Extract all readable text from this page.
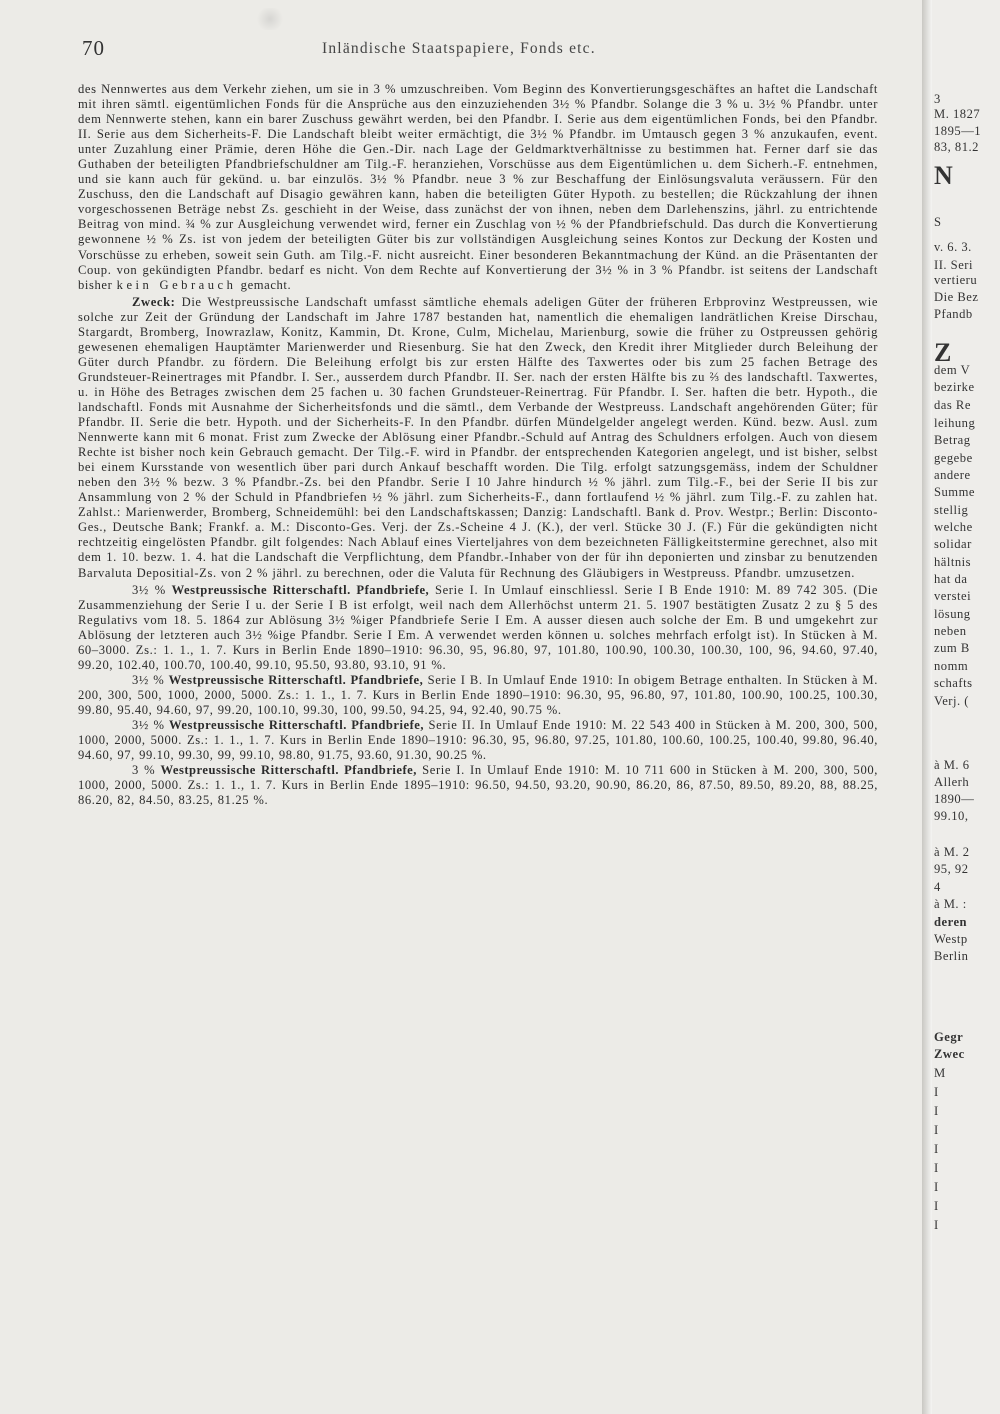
70	Inländische Staatspapiere, Fonds etc.

des Nennwertes aus dem Verkehr ziehen, um sie in 3 % umzuschreiben. Vom Beginn des Konvertierungsgeschäftes an haftet die Landschaft mit ihren sämtl. eigentümlichen Fonds für die Ansprüche aus den einzuziehenden 3½ % Pfandbr. Solange die 3 % u. 3½ % Pfandbr. unter dem Nennwerte stehen, kann ein barer Zuschuss gewährt werden, bei den Pfandbr. I. Serie aus dem eigentümlichen Fonds, bei den Pfandbr. II. Serie aus dem Sicherheits-F. Die Landschaft bleibt weiter ermächtigt, die 3½ % Pfandbr. im Umtausch gegen 3 % anzukaufen, event. unter Zuzahlung einer Prämie, deren Höhe die Gen.-Dir. nach Lage der Geldmarktverhältnisse zu bestimmen hat. Ferner darf sie das Guthaben der beteiligten Pfandbriefschuldner am Tilg.-F. heranziehen, Vorschüsse aus dem Eigentümlichen u. dem Sicherh.-F. entnehmen, und sie kann auch für gekünd. u. bar einzulös. 3½ % Pfandbr. neue 3 % zur Beschaffung der Einlösungsvaluta veräussern. Für den Zuschuss, den die Landschaft auf Disagio gewähren kann, haben die beteiligten Güter Hypoth. zu bestellen; die Rückzahlung der ihnen vorgeschossenen Beträge nebst Zs. geschieht in der Weise, dass zunächst der von ihnen, neben dem Darlehenszins, jährl. zu entrichtende Beitrag von mind. ¾ % zur Ausgleichung verwendet wird, ferner ein Zuschlag von ½ % der Pfandbriefschuld. Das durch die Konvertierung gewonnene ½ % Zs. ist von jedem der beteiligten Güter bis zur vollständigen Ausgleichung seines Kontos zur Deckung der Kosten und Vorschüsse zu erheben, soweit sein Guth. am Tilg.-F. nicht ausreicht. Einer besonderen Bekanntmachung der Künd. an die Präsentanten der Coup. von gekündigten Pfandbr. bedarf es nicht. Von dem Rechte auf Konvertierung der 3½ % in 3 % Pfandbr. ist seitens der Landschaft bisher kein Gebrauch gemacht.

Zweck: Die Westpreussische Landschaft umfasst sämtliche ehemals adeligen Güter der früheren Erbprovinz Westpreussen, wie solche zur Zeit der Gründung der Landschaft im Jahre 1787 bestanden hat, namentlich die ehemaligen landrätlichen Kreise Dirschau, Stargardt, Bromberg, Inowrazlaw, Konitz, Kammin, Dt. Krone, Culm, Michelau, Marienburg, sowie die früher zu Ostpreussen gehörig gewesenen ehemaligen Hauptämter Marienwerder und Riesenburg. Sie hat den Zweck, den Kredit ihrer Mitglieder durch Beleihung der Güter durch Pfandbr. zu fördern. Die Beleihung erfolgt bis zur ersten Hälfte des Taxwertes oder bis zum 25 fachen Betrage des Grundsteuer-Reinertrages mit Pfandbr. I. Ser., ausserdem durch Pfandbr. II. Ser. nach der ersten Hälfte bis zu ⅔ des landschaftl. Taxwertes, u. in Höhe des Betrages zwischen dem 25 fachen u. 30 fachen Grundsteuer-Reinertrag. Für Pfandbr. I. Ser. haften die betr. Hypoth., die landschaftl. Fonds mit Ausnahme der Sicherheitsfonds und die sämtl., dem Verbande der Westpreuss. Landschaft angehörenden Güter; für Pfandbr. II. Serie die betr. Hypoth. und der Sicherheits-F. In den Pfandbr. dürfen Mündelgelder angelegt werden. Künd. bezw. Ausl. zum Nennwerte kann mit 6 monat. Frist zum Zwecke der Ablösung einer Pfandbr.-Schuld auf Antrag des Schuldners erfolgen. Auch von diesem Rechte ist bisher noch kein Gebrauch gemacht. Der Tilg.-F. wird in Pfandbr. der entsprechenden Kategorien angelegt, und ist bisher, selbst bei einem Kursstande von wesentlich über pari durch Ankauf beschafft worden. Die Tilg. erfolgt satzungsgemäss, indem der Schuldner neben den 3½ % bezw. 3 % Pfandbr.-Zs. bei den Pfandbr. Serie I 10 Jahre hindurch ½ % jährl. zum Tilg.-F., bei der Serie II bis zur Ansammlung von 2 % der Schuld in Pfandbriefen ½ % jährl. zum Sicherheits-F., dann fortlaufend ½ % jährl. zum Tilg.-F. zu zahlen hat. Zahlst.: Marienwerder, Bromberg, Schneidemühl: bei den Landschaftskassen; Danzig: Landschaftl. Bank d. Prov. Westpr.; Berlin: Disconto-Ges., Deutsche Bank; Frankf. a. M.: Disconto-Ges. Verj. der Zs.-Scheine 4 J. (K.), der verl. Stücke 30 J. (F.) Für die gekündigten nicht rechtzeitig eingelösten Pfandbr. gilt folgendes: Nach Ablauf eines Vierteljahres von dem bezeichneten Fälligkeitstermine gerechnet, also mit dem 1. 10. bezw. 1. 4. hat die Landschaft die Verpflichtung, dem Pfandbr.-Inhaber von der für ihn deponierten und zinsbar zu benutzenden Barvaluta Depositial-Zs. von 2 % jährl. zu berechnen, oder die Valuta für Rechnung des Gläubigers in Westpreuss. Pfandbr. umzusetzen.

3½ % Westpreussische Ritterschaftl. Pfandbriefe, Serie I. In Umlauf einschliessl. Serie I B Ende 1910: M. 89 742 305. (Die Zusammenziehung der Serie I u. der Serie I B ist erfolgt, weil nach dem Allerhöchst unterm 21. 5. 1907 bestätigten Zusatz 2 zu § 5 des Regulativs vom 18. 5. 1864 zur Ablösung 3½ %iger Pfandbriefe Serie I Em. A ausser diesen auch solche der Em. B und umgekehrt zur Ablösung der letzteren auch 3½ %ige Pfandbr. Serie I Em. A verwendet werden können u. solches mehrfach erfolgt ist). In Stücken à M. 60–3000. Zs.: 1. 1., 1. 7. Kurs in Berlin Ende 1890–1910: 96.30, 95, 96.80, 97, 101.80, 100.90, 100.30, 100.30, 100, 96, 94.60, 97.40, 99.20, 102.40, 100.70, 100.40, 99.10, 95.50, 93.80, 93.10, 91 %.

3½ % Westpreussische Ritterschaftl. Pfandbriefe, Serie I B. In Umlauf Ende 1910: In obigem Betrage enthalten. In Stücken à M. 200, 300, 500, 1000, 2000, 5000. Zs.: 1. 1., 1. 7. Kurs in Berlin Ende 1890–1910: 96.30, 95, 96.80, 97, 101.80, 100.90, 100.25, 100.30, 99.80, 95.40, 94.60, 97, 99.20, 100.10, 99.30, 100, 99.50, 94.25, 94, 92.40, 90.75 %.

3½ % Westpreussische Ritterschaftl. Pfandbriefe, Serie II. In Umlauf Ende 1910: M. 22 543 400 in Stücken à M. 200, 300, 500, 1000, 2000, 5000. Zs.: 1. 1., 1. 7. Kurs in Berlin Ende 1890–1910: 96.30, 95, 96.80, 97.25, 101.80, 100.60, 100.25, 100.40, 99.80, 96.40, 94.60, 97, 99.10, 99.30, 99, 99.10, 98.80, 91.75, 93.60, 91.30, 90.25 %.

3 % Westpreussische Ritterschaftl. Pfandbriefe, Serie I. In Umlauf Ende 1910: M. 10 711 600 in Stücken à M. 200, 300, 500, 1000, 2000, 5000. Zs.: 1. 1., 1. 7. Kurs in Berlin Ende 1895–1910: 96.50, 94.50, 93.20, 90.90, 86.20, 86, 87.50, 89.50, 89.20, 88, 88.25, 86.20, 82, 84.50, 83.25, 81.25 %.

3
M. 1827
1895—1
83, 81.2
N
S
v. 6. 3.
II. Seri
vertieru
Die Bez
Pfandb
Z
dem V
bezirke
das Re
leihung
Betrag
gegebe
andere
Summe
stellig
welche
solidar
hältnis
hat da
verstei
lösung
neben
zum B
nomm
schafts
Verj. (
à M. 6
Allerh
1890—
99.10,
à M. 2
95, 92
4
à M. :
deren
Westp
Berlin
Gegr
Zwec
M
I
I
I
I
I
I
I
I
